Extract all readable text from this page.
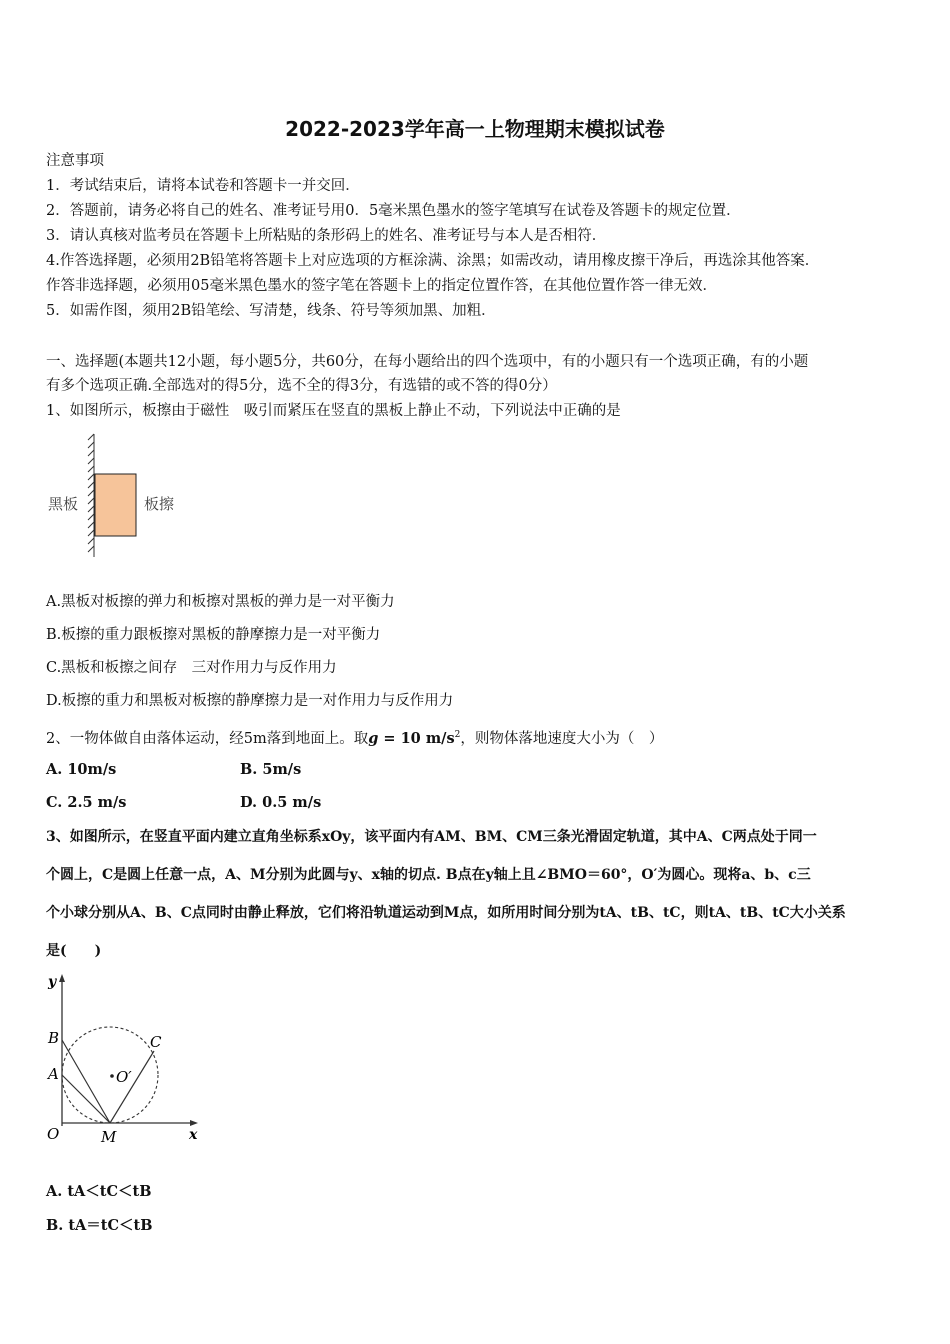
2022-2023学年高一上物理期末模拟试卷
注意事项
1．考试结束后，请将本试卷和答题卡一并交回．
2．答题前，请务必将自己的姓名、准考证号用0．5毫米黑色墨水的签字笔填写在试卷及答题卡的规定位置．
3．请认真核对监考员在答题卡上所粘贴的条形码上的姓名、准考证号与本人是否相符．
4.作答选择题，必须用2B铅笔将答题卡上对应选项的方框涂满、涂黑；如需改动，请用橡皮擦干净后，再选涂其他答案．
作答非选择题，必须用05毫米黑色墨水的签字笔在答题卡上的指定位置作答，在其他位置作答一律无效．
5．如需作图，须用2B铅笔绘、写清楚，线条、符号等须加黑、加粗．
一、选择题(本题共12小题，每小题5分，共60分，在每小题给出的四个选项中，有的小题只有一个选项正确，有的小题
有多个选项正确.全部选对的得5分，选不全的得3分，有选错的或不答的得0分）
1、如图所示，板擦由于磁性　吸引而紧压在竖直的黑板上静止不动，下列说法中正确的是
黑板	板擦
A.黑板对板擦的弹力和板擦对黑板的弹力是一对平衡力
B.板擦的重力跟板擦对黑板的静摩擦力是一对平衡力
C.黑板和板擦之间存　三对作用力与反作用力
D.板擦的重力和黑板对板擦的静摩擦力是一对作用力与反作用力
2、一物体做自由落体运动，经5m落到地面上。取g = 10 $m/s^2$，则物体落地速度大小为（　）
A. 10m/s	B. 5m/s
C. 2.5 m/s	D. 0.5 m/s
3、如图所示，在竖直平面内建立直角坐标系xOy，该平面内有AM、BM、CM三条光滑固定轨道，其中A、C两点处于同一
个圆上，C是圆上任意一点，A、M分别为此圆与y、x轴的切点. B点在y轴上且∠BMO＝60°，O′为圆心。现将a、b、c三
个小球分别从A、B、C点同时由静止释放，它们将沿轨道运动到M点，如所用时间分别为tA、tB、tC，则tA、tB、tC大小关系
是(　　)
y
B
A
C
O′
O	M	x
A. tA＜tC＜tB
B. tA＝tC＜tB
